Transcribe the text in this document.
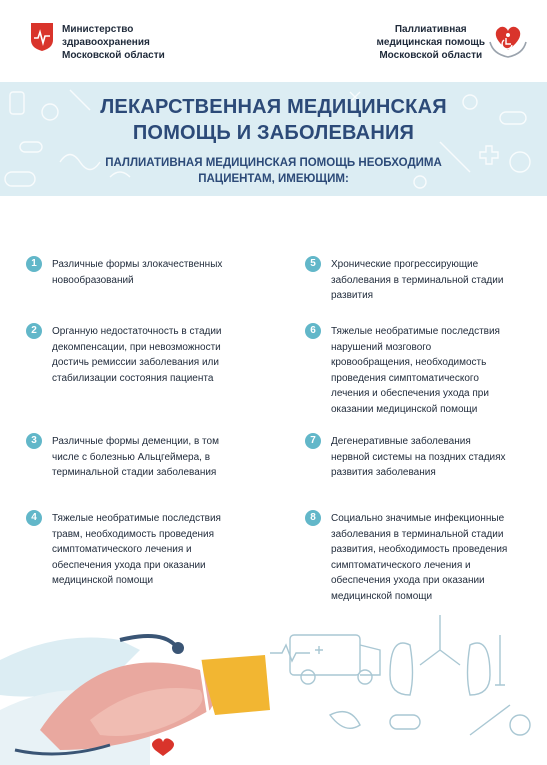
Министерство
здравоохранения
Московской области
Паллиативная
медицинская помощь
Московской области
ЛЕКАРСТВЕННАЯ МЕДИЦИНСКАЯ
ПОМОЩЬ И ЗАБОЛЕВАНИЯ
ПАЛЛИАТИВНАЯ МЕДИЦИНСКАЯ ПОМОЩЬ НЕОБХОДИМА
ПАЦИЕНТАМ, ИМЕЮЩИМ:
1	Различные формы злокачественных
новообразований
2	Органную недостаточность в стадии
декомпенсации, при невозможности
достичь ремиссии заболевания или
стабилизации состояния пациента
3	Различные формы деменции, в том
числе с болезнью Альцгеймера, в
терминальной стадии заболевания
4	Тяжелые необратимые последствия
травм, необходимость проведения
симптоматического лечения и
обеспечения ухода при оказании
медицинской помощи
5	Хронические прогрессирующие
заболевания в терминальной стадии
развития
6	Тяжелые необратимые последствия
нарушений мозгового
кровообращения, необходимость
проведения симптоматического
лечения и обеспечения ухода при
оказании медицинской помощи
7	Дегенеративные заболевания
нервной системы на поздних стадиях
развития заболевания
8	Социально значимые инфекционные
заболевания в терминальной стадии
развития, необходимость проведения
симптоматического лечения и
обеспечения ухода при оказании
медицинской помощи
